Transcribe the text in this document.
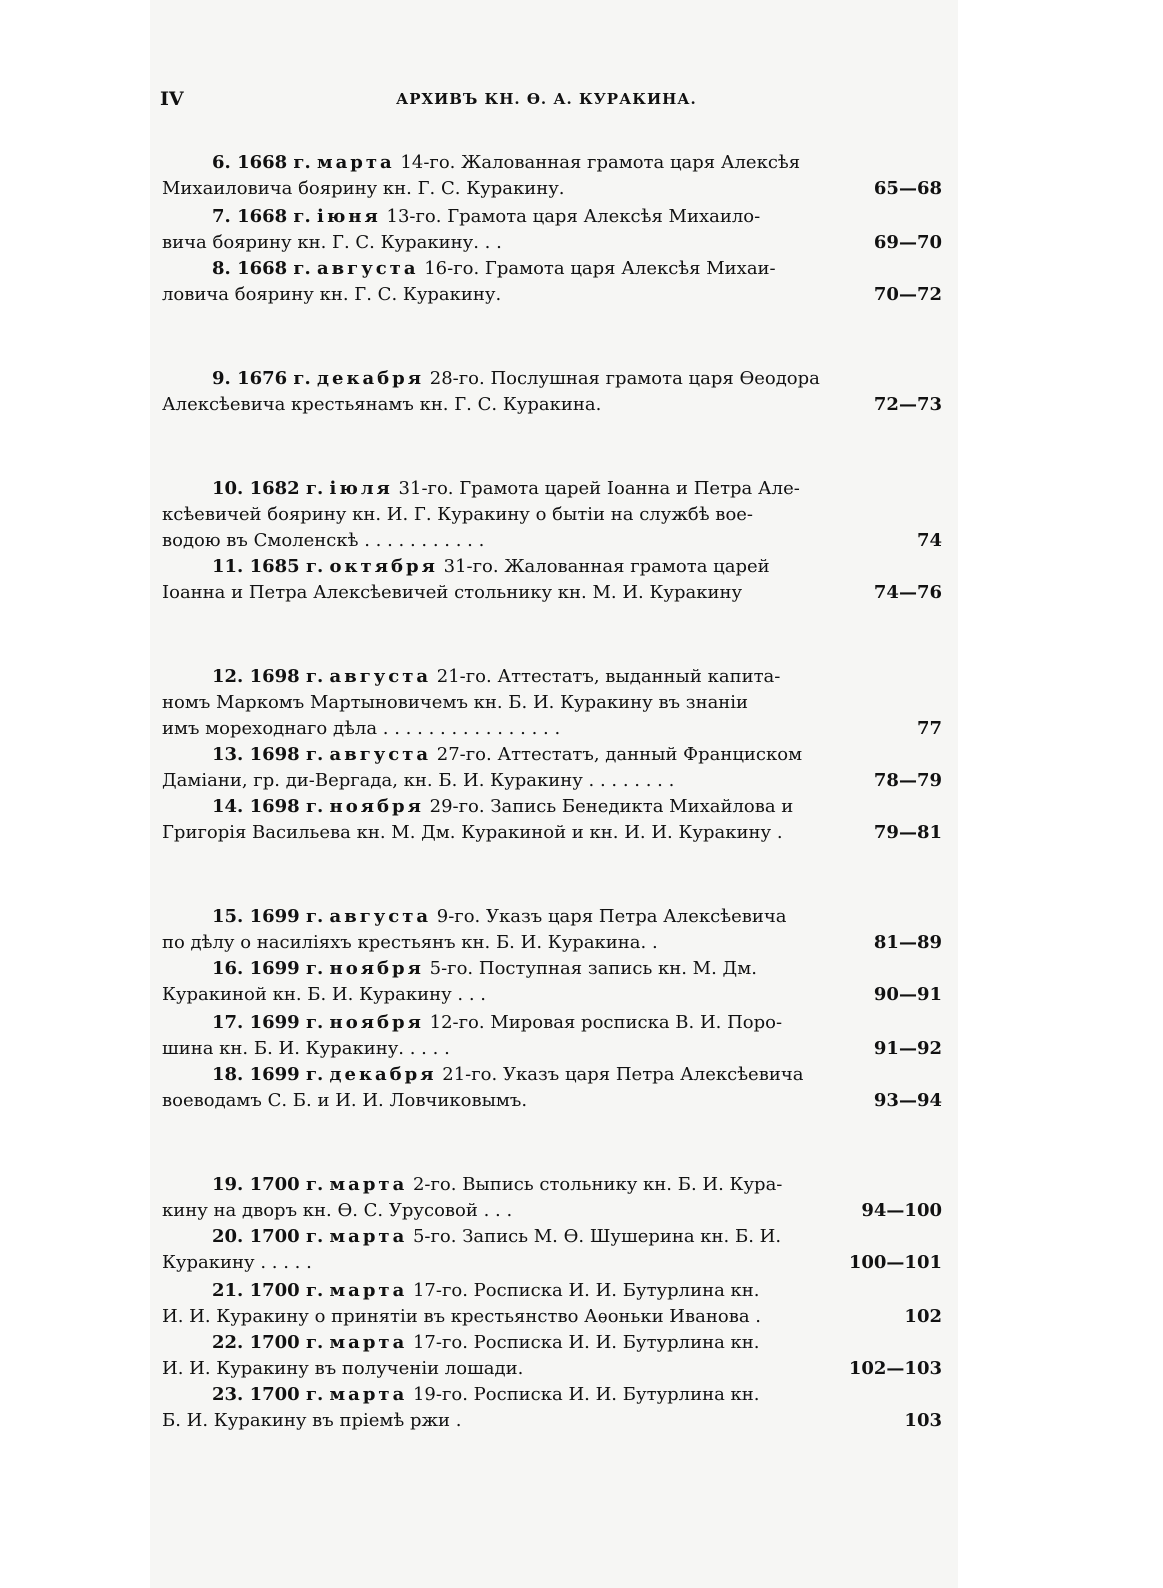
IV	АРХИВЪ КН. Ѳ. А. КУРАКИНА.
6. 1668 г. марта 14-го. Жалованная грамота царя Алексѣя
Михаиловича боярину кн. Г. С. Куракину.	65—68
7. 1668 г. іюня 13-го. Грамота царя Алексѣя Михаило-
вича боярину кн. Г. С. Куракину. . .	69—70
8. 1668 г. августа 16-го. Грамота царя Алексѣя Михаи-
ловича боярину кн. Г. С. Куракину.	70—72
9. 1676 г. декабря 28-го. Послушная грамота царя Ѳеодора
Алексѣевича крестьянамъ кн. Г. С. Куракина.	72—73
10. 1682 г. іюля 31-го. Грамота царей Іоанна и Петра Але-
ксѣевичей боярину кн. И. Г. Куракину о бытіи на службѣ вое-
водою въ Смоленскѣ . . . . . . . . . . .	74
11. 1685 г. октября 31-го. Жалованная грамота царей
Іоанна и Петра Алексѣевичей стольнику кн. М. И. Куракину	74—76
12. 1698 г. августа 21-го. Аттестатъ, выданный капита-
номъ Маркомъ Мартыновичемъ кн. Б. И. Куракину въ знаніи
имъ мореходнаго дѣла . . . . . . . . . . . . . . . .	77
13. 1698 г. августа 27-го. Аттестатъ, данный Франциском
Даміани, гр. ди-Вергада, кн. Б. И. Куракину . . . . . . . .	78—79
14. 1698 г. ноября 29-го. Запись Бенедикта Михайлова и
Григорія Васильева кн. М. Дм. Куракиной и кн. И. И. Куракину .	79—81
15. 1699 г. августа 9-го. Указъ царя Петра Алексѣевича
по дѣлу о насиліяхъ крестьянъ кн. Б. И. Куракина. .	81—89
16. 1699 г. ноября 5-го. Поступная запись кн. М. Дм.
Куракиной кн. Б. И. Куракину . . .	90—91
17. 1699 г. ноября 12-го. Мировая росписка В. И. Поро-
шина кн. Б. И. Куракину. . . . .	91—92
18. 1699 г. декабря 21-го. Указъ царя Петра Алексѣевича
воеводамъ С. Б. и И. И. Ловчиковымъ.	93—94
19. 1700 г. марта 2-го. Выпись стольнику кн. Б. И. Кура-
кину на дворъ кн. Ѳ. С. Урусовой . . .	94—100
20. 1700 г. марта 5-го. Запись М. Ѳ. Шушерина кн. Б. И.
Куракину . . . . .	100—101
21. 1700 г. марта 17-го. Росписка И. И. Бутурлина кн.
И. И. Куракину о принятіи въ крестьянство Аѳоньки Иванова .	102
22. 1700 г. марта 17-го. Росписка И. И. Бутурлина кн.
И. И. Куракину въ полученіи лошади.	102—103
23. 1700 г. марта 19-го. Росписка И. И. Бутурлина кн.
Б. И. Куракину въ пріемѣ ржи .	103
